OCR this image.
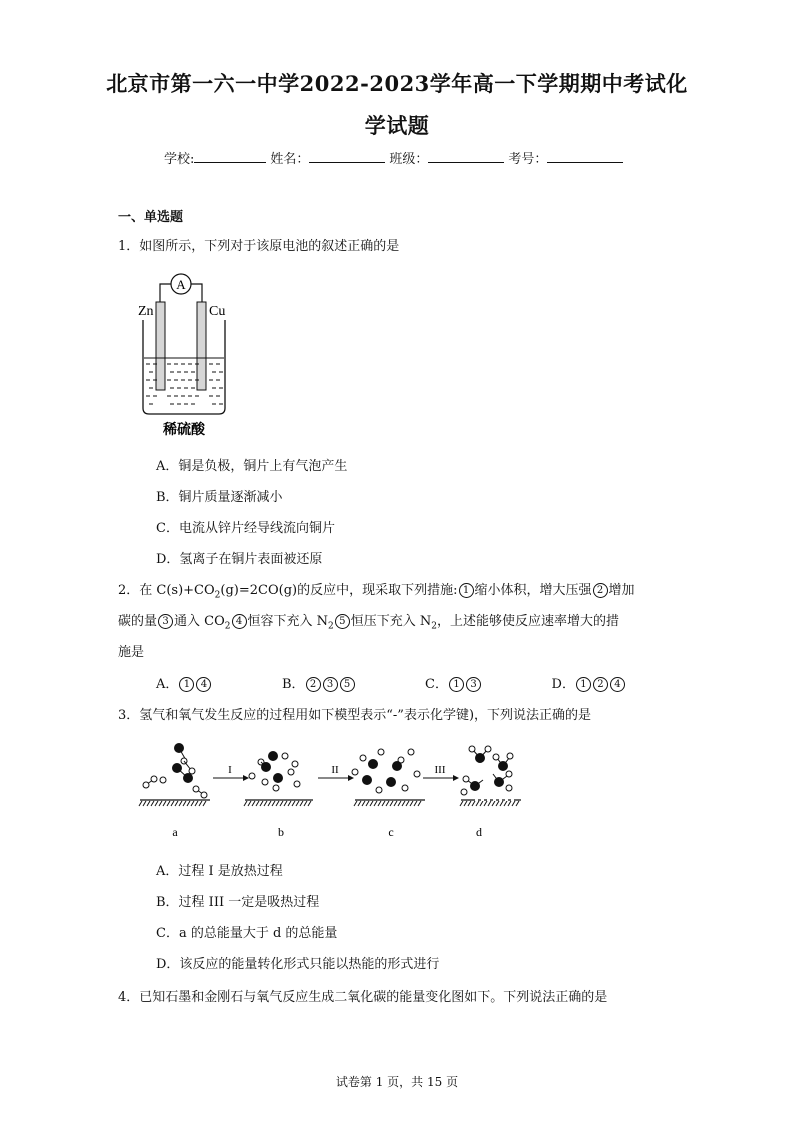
北京市第一六一中学2022-2023学年高一下学期期中考试化
学试题
学校:	姓名：	班级：	考号：
一、单选题
1．如图所示，下列对于该原电池的叙述正确的是
A
Zn	Cu
稀硫酸
A．铜是负极，铜片上有气泡产生
B．铜片质量逐渐减小
C．电流从锌片经导线流向铜片
D．氢离子在铜片表面被还原
2．在 $C(s)+CO_2(g)=2CO(g)$的反应中，现采取下列措施: 1 缩小体积，增大压强 2 增加
碳的量 3 通入 $CO_2$ 4 恒容下充入 $N_2$ 5 恒压下充入 $N_2$，上述能够使反应速率增大的措
施是
A． 1 4	B． 2 3 5	C． 1 3	D． 1 2 4
3．氢气和氧气发生反应的过程用如下模型表示“-”表示化学键)，下列说法正确的是
I	II	III
a	b	c	d
A．过程 I 是放热过程
B．过程 III 一定是吸热过程
C．a 的总能量大于 d 的总能量
D．该反应的能量转化形式只能以热能的形式进行
4．已知石墨和金刚石与氧气反应生成二氧化碳的能量变化图如下。下列说法正确的是
试卷第 1 页，共 15 页
